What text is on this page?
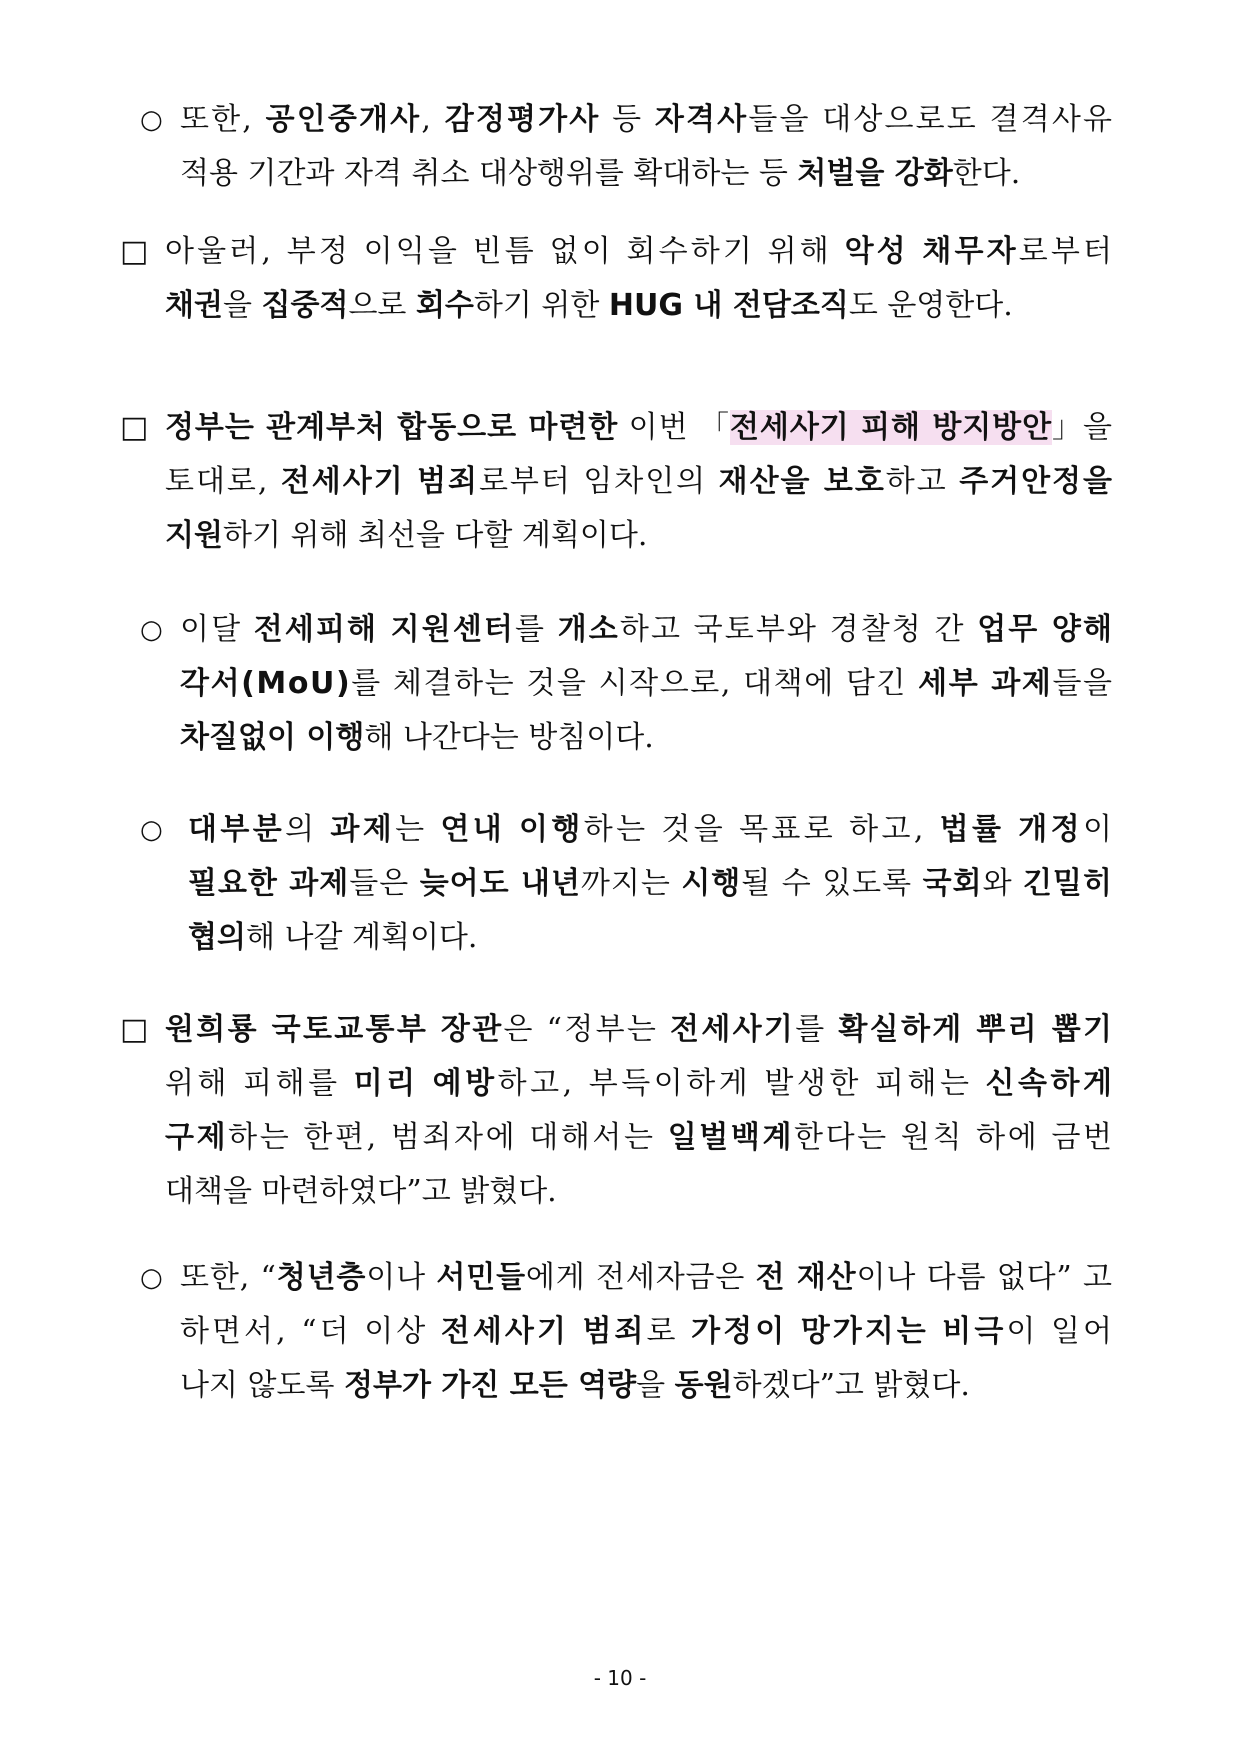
○ 또한, 공인중개사, 감정평가사 등 자격사들을 대상으로도 결격사유
적용 기간과 자격 취소 대상행위를 확대하는 등 처벌을 강화한다.
□ 아울러, 부정 이익을 빈틈 없이 회수하기 위해 악성 채무자로부터
채권을 집중적으로 회수하기 위한 HUG 내 전담조직도 운영한다.
□ 정부는 관계부처 합동으로 마련한 이번 「전세사기 피해 방지방안」을
토대로, 전세사기 범죄로부터 임차인의 재산을 보호하고 주거안정을
지원하기 위해 최선을 다할 계획이다.
○ 이달 전세피해 지원센터를 개소하고 국토부와 경찰청 간 업무 양해
각서(MoU)를 체결하는 것을 시작으로, 대책에 담긴 세부 과제들을
차질없이 이행해 나간다는 방침이다.
○ 대부분의 과제는 연내 이행하는 것을 목표로 하고, 법률 개정이
필요한 과제들은 늦어도 내년까지는 시행될 수 있도록 국회와 긴밀히
협의해 나갈 계획이다.
□ 원희룡 국토교통부 장관은 “정부는 전세사기를 확실하게 뿌리 뽑기
위해 피해를 미리 예방하고, 부득이하게 발생한 피해는 신속하게
구제하는 한편, 범죄자에 대해서는 일벌백계한다는 원칙 하에 금번
대책을 마련하였다”고 밝혔다.
○ 또한, “청년층이나 서민들에게 전세자금은 전 재산이나 다름 없다” 고
하면서, “더 이상 전세사기 범죄로 가정이 망가지는 비극이 일어
나지 않도록 정부가 가진 모든 역량을 동원하겠다”고 밝혔다.
- 10 -
